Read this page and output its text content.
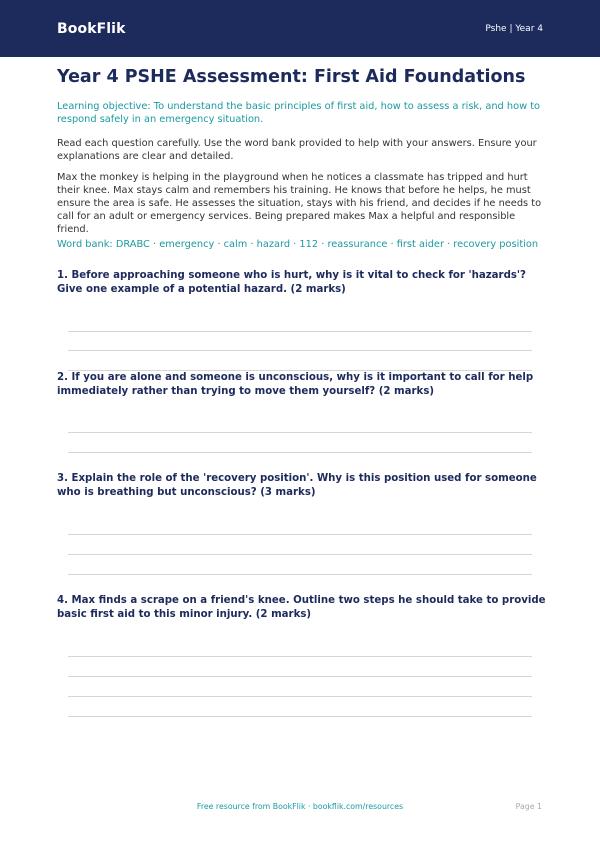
BookFlik	Pshe | Year 4
Year 4 PSHE Assessment: First Aid Foundations
Learning objective: To understand the basic principles of first aid, how to assess a risk, and how to respond safely in an emergency situation.
Read each question carefully. Use the word bank provided to help with your answers. Ensure your explanations are clear and detailed.
Max the monkey is helping in the playground when he notices a classmate has tripped and hurt their knee. Max stays calm and remembers his training. He knows that before he helps, he must ensure the area is safe. He assesses the situation, stays with his friend, and decides if he needs to call for an adult or emergency services. Being prepared makes Max a helpful and responsible friend.
Word bank: DRABC · emergency · calm · hazard · 112 · reassurance · first aider · recovery position
1. Before approaching someone who is hurt, why is it vital to check for 'hazards'? Give one example of a potential hazard. (2 marks)
2. If you are alone and someone is unconscious, why is it important to call for help immediately rather than trying to move them yourself? (2 marks)
3. Explain the role of the 'recovery position'. Why is this position used for someone who is breathing but unconscious? (3 marks)
4. Max finds a scrape on a friend's knee. Outline two steps he should take to provide basic first aid to this minor injury. (2 marks)
Free resource from BookFlik · bookflik.com/resources	Page 1
